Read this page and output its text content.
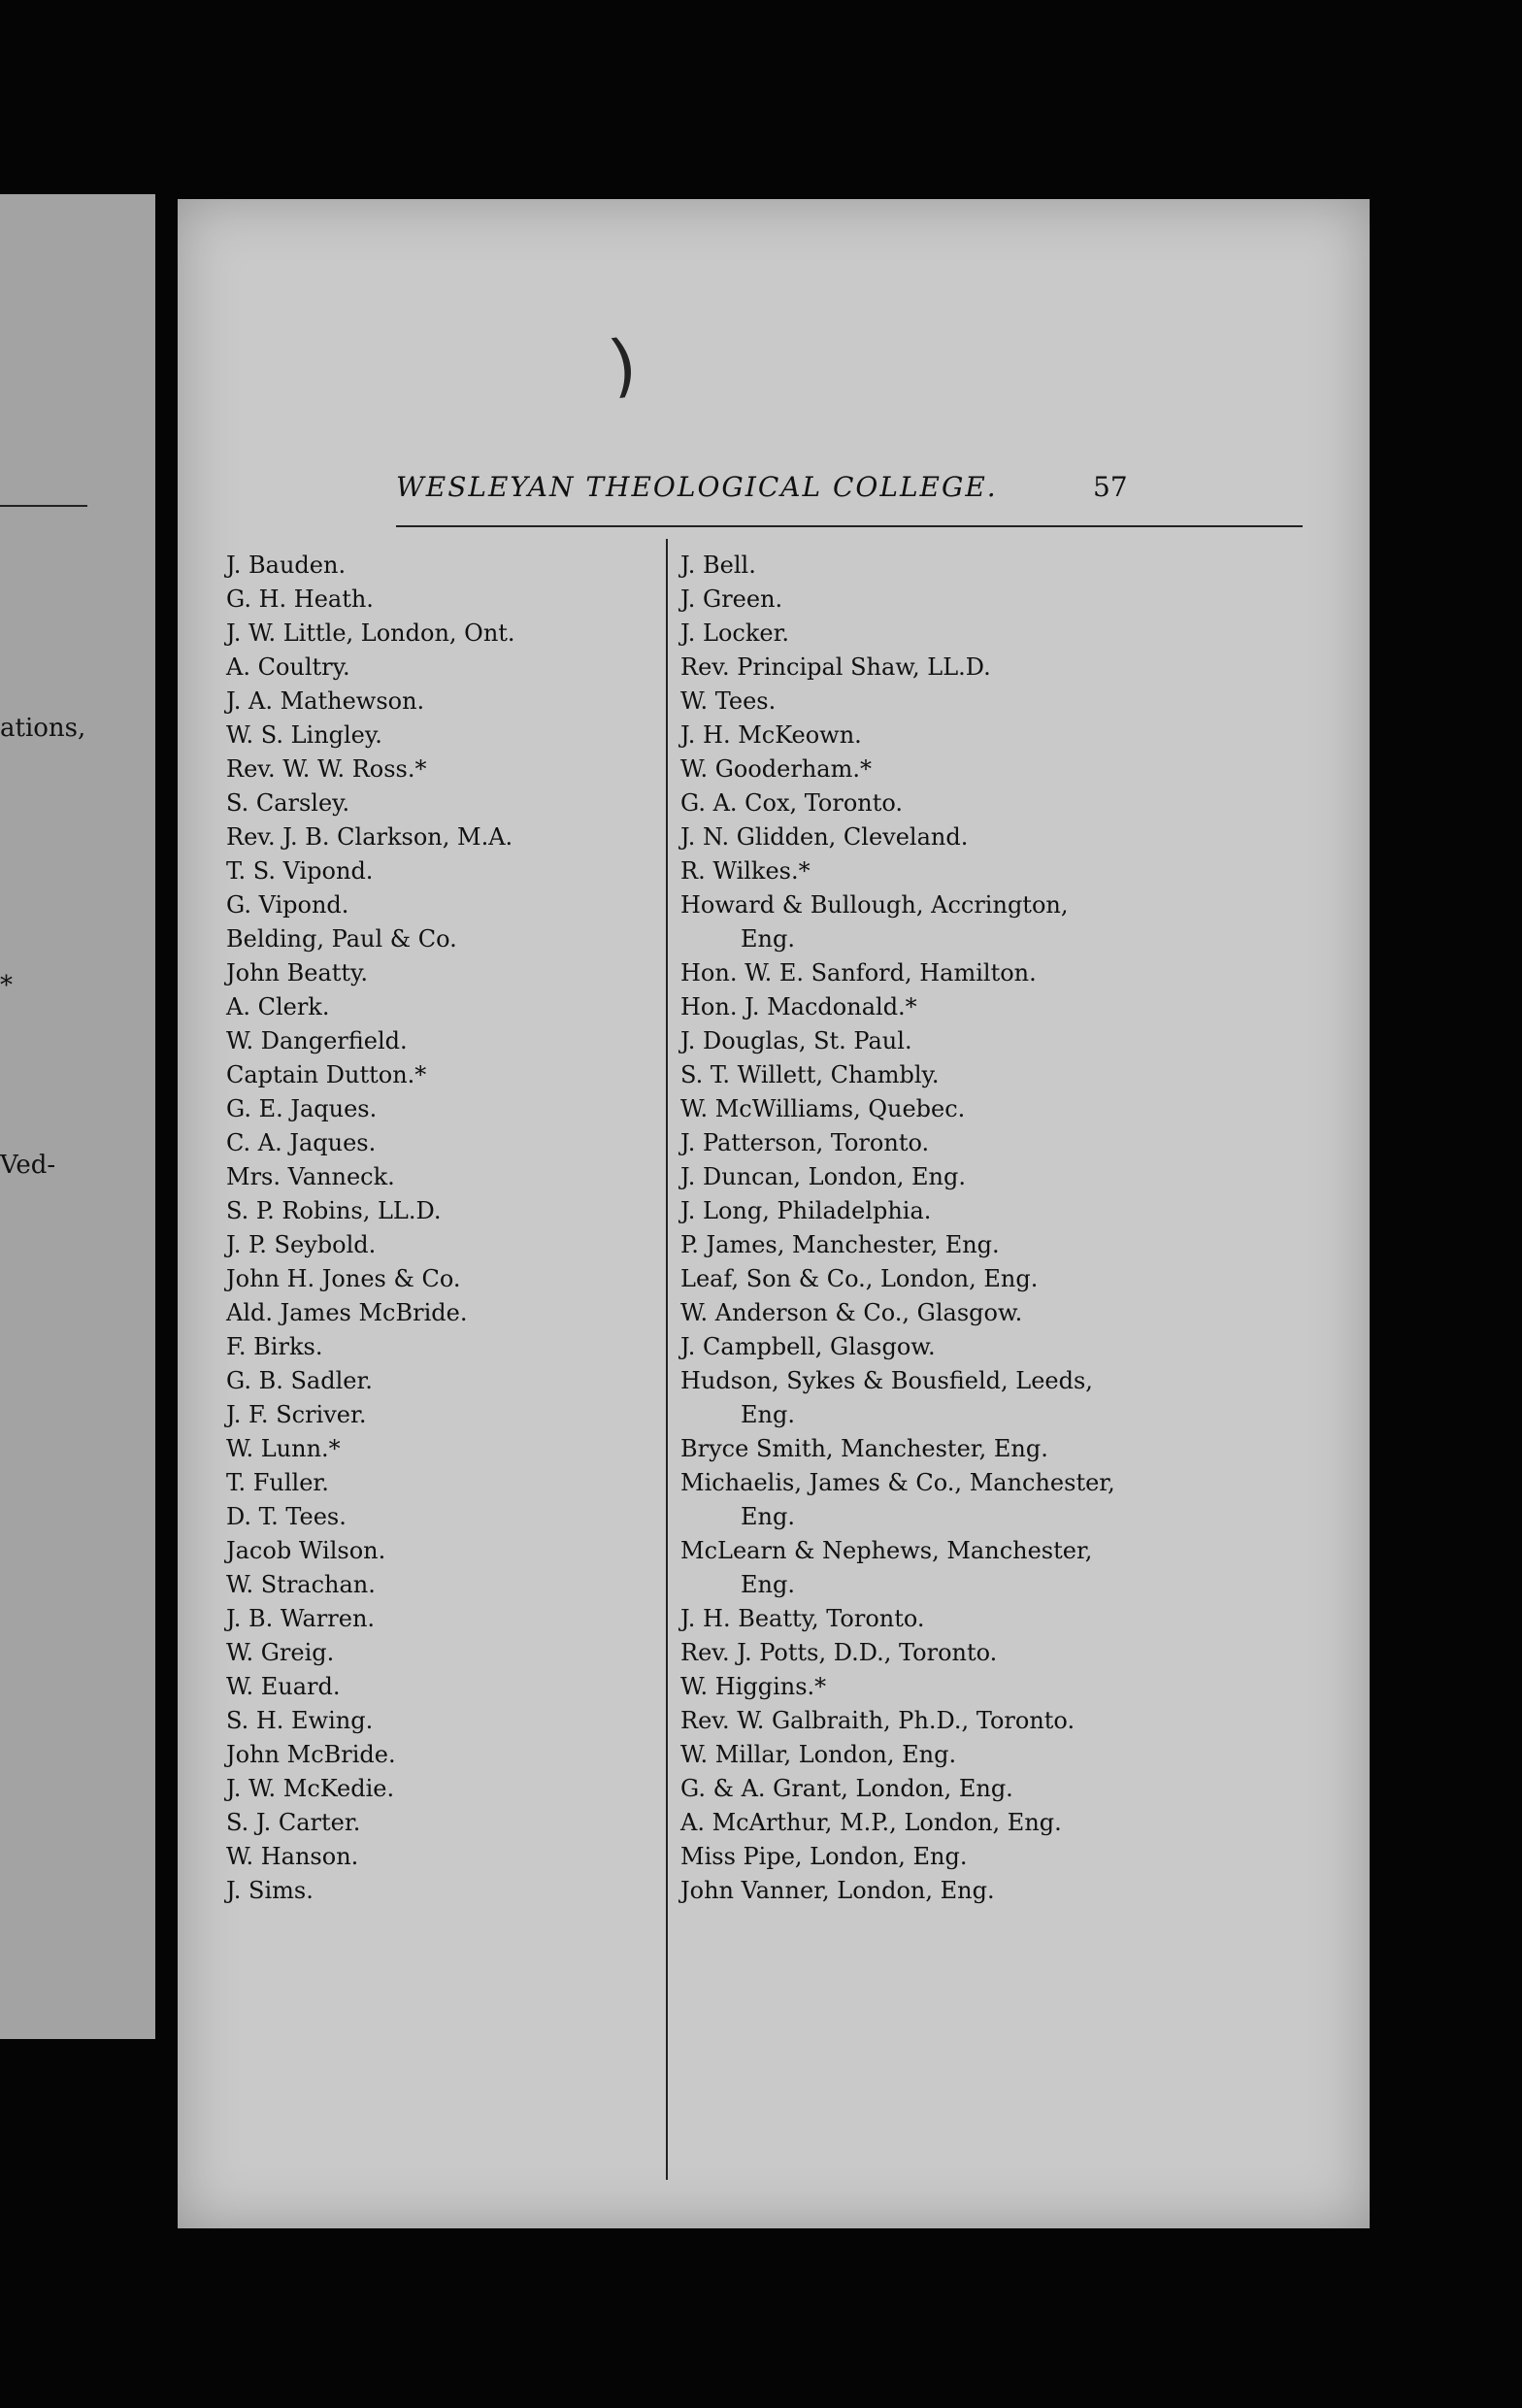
ations,
*
Ved-
)
WESLEYAN THEOLOGICAL COLLEGE.	57
J. Bauden.
G. H. Heath.
J. W. Little, London, Ont.
A. Coultry.
J. A. Mathewson.
W. S. Lingley.
Rev. W. W. Ross.*
S. Carsley.
Rev. J. B. Clarkson, M.A.
T. S. Vipond.
G. Vipond.
Belding, Paul & Co.
John Beatty.
A. Clerk.
W. Dangerfield.
Captain Dutton.*
G. E. Jaques.
C. A. Jaques.
Mrs. Vanneck.
S. P. Robins, LL.D.
J. P. Seybold.
John H. Jones & Co.
Ald. James McBride.
F. Birks.
G. B. Sadler.
J. F. Scriver.
W. Lunn.*
T. Fuller.
D. T. Tees.
Jacob Wilson.
W. Strachan.
J. B. Warren.
W. Greig.
W. Euard.
S. H. Ewing.
John McBride.
J. W. McKedie.
S. J. Carter.
W. Hanson.
J. Sims.
J. Bell.
J. Green.
J. Locker.
Rev. Principal Shaw, LL.D.
W. Tees.
J. H. McKeown.
W. Gooderham.*
G. A. Cox, Toronto.
J. N. Glidden, Cleveland.
R. Wilkes.*
Howard & Bullough, Accrington,
Eng.
Hon. W. E. Sanford, Hamilton.
Hon. J. Macdonald.*
J. Douglas, St. Paul.
S. T. Willett, Chambly.
W. McWilliams, Quebec.
J. Patterson, Toronto.
J. Duncan, London, Eng.
J. Long, Philadelphia.
P. James, Manchester, Eng.
Leaf, Son & Co., London, Eng.
W. Anderson & Co., Glasgow.
J. Campbell, Glasgow.
Hudson, Sykes & Bousfield, Leeds,
Eng.
Bryce Smith, Manchester, Eng.
Michaelis, James & Co., Manchester,
Eng.
McLearn & Nephews, Manchester,
Eng.
J. H. Beatty, Toronto.
Rev. J. Potts, D.D., Toronto.
W. Higgins.*
Rev. W. Galbraith, Ph.D., Toronto.
W. Millar, London, Eng.
G. & A. Grant, London, Eng.
A. McArthur, M.P., London, Eng.
Miss Pipe, London, Eng.
John Vanner, London, Eng.
